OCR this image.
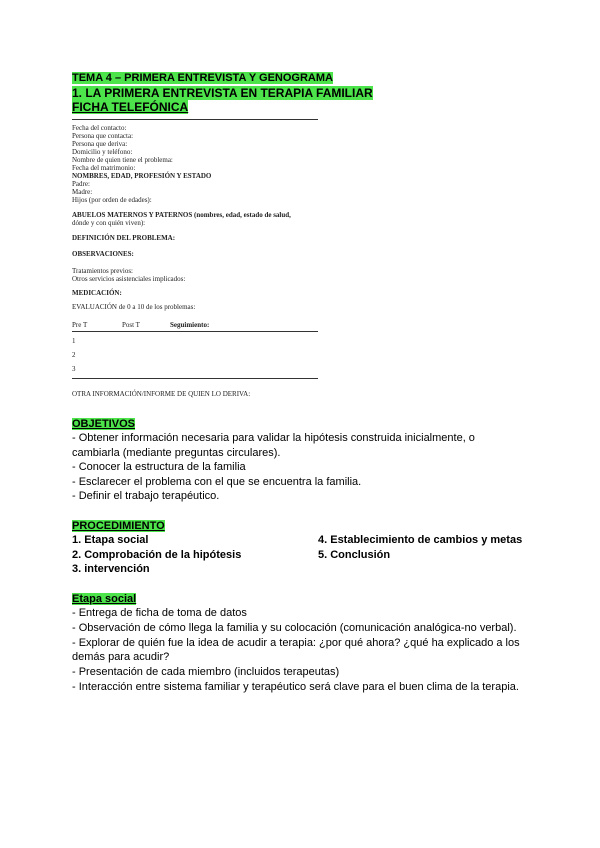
TEMA 4 – PRIMERA ENTREVISTA Y GENOGRAMA
1. LA PRIMERA ENTREVISTA EN TERAPIA FAMILIAR
FICHA TELEFÓNICA
Fecha del contacto:
Persona que contacta:
Persona que deriva:
Domicilio y teléfono:
Nombre de quien tiene el problema:
Fecha del matrimonio:
NOMBRES, EDAD, PROFESIÓN Y ESTADO
Padre:
Madre:
Hijos (por orden de edades):
ABUELOS MATERNOS Y PATERNOS (nombres, edad, estado de salud,
dónde y con quién viven):
DEFINICIÓN DEL PROBLEMA:
OBSERVACIONES:
Tratamientos previos:
Otros servicios asistenciales implicados:
MEDICACIÓN:
EVALUACIÓN de 0 a 10 de los problemas:
Pre T	Post T	Seguimiento:
1
2
3
OTRA INFORMACIÓN/INFORME DE QUIEN LO DERIVA:
OBJETIVOS
- Obtener información necesaria para validar la hipótesis construida inicialmente, o
cambiarla (mediante preguntas circulares).
- Conocer la estructura de la familia
- Esclarecer el problema con el que se encuentra la familia.
- Definir el trabajo terapéutico.
PROCEDIMIENTO
1. Etapa social
2. Comprobación de la hipótesis
3. intervención
4. Establecimiento de cambios y metas
5. Conclusión
Etapa social
- Entrega de ficha de toma de datos
- Observación de cómo llega la familia y su colocación (comunicación analógica-no verbal).
- Explorar de quién fue la idea de acudir a terapia: ¿por qué ahora? ¿qué ha explicado a los
demás para acudir?
- Presentación de cada miembro (incluidos terapeutas)
- Interacción entre sistema familiar y terapéutico será clave para el buen clima de la terapia.
